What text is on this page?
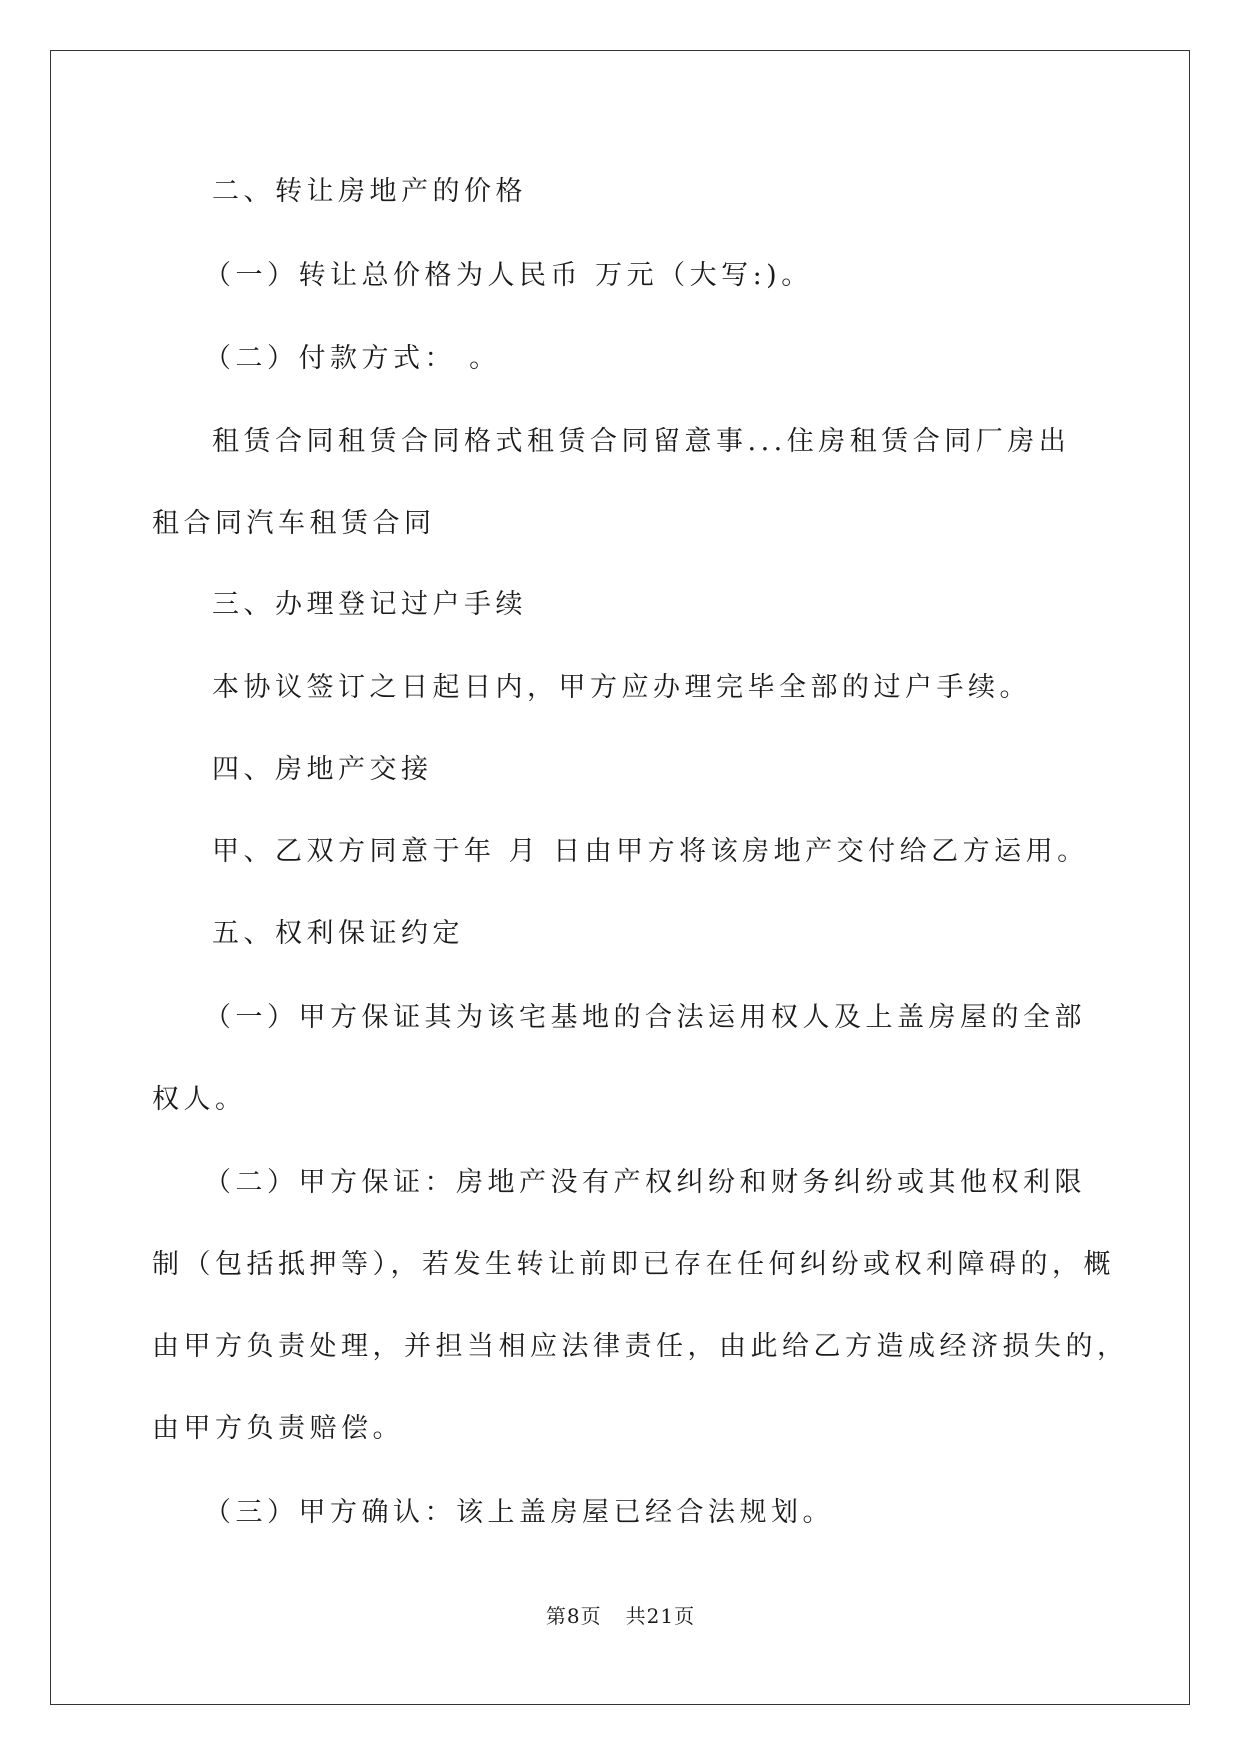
二、转让房地产的价格
（一）转让总价格为人民币 万元（大写:)。
（二）付款方式： 。
租赁合同租赁合同格式租赁合同留意事...住房租赁合同厂房出
租合同汽车租赁合同
三、办理登记过户手续
本协议签订之日起日内，甲方应办理完毕全部的过户手续。
四、房地产交接
甲、乙双方同意于年 月 日由甲方将该房地产交付给乙方运用。
五、权利保证约定
（一）甲方保证其为该宅基地的合法运用权人及上盖房屋的全部
权人。
（二）甲方保证：房地产没有产权纠纷和财务纠纷或其他权利限
制（包括抵押等），若发生转让前即已存在任何纠纷或权利障碍的，概
由甲方负责处理，并担当相应法律责任，由此给乙方造成经济损失的，
由甲方负责赔偿。
（三）甲方确认：该上盖房屋已经合法规划。
第8页 共21页
